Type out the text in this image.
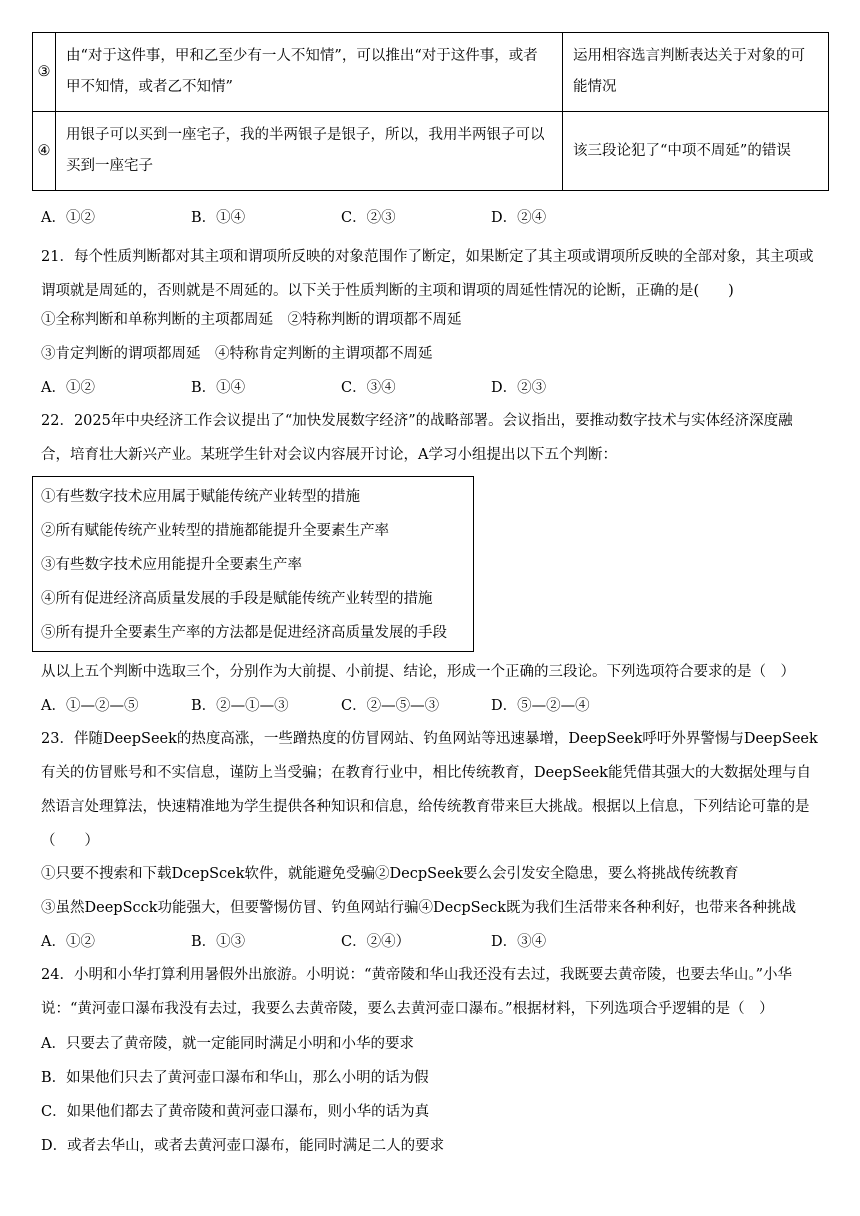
③	由“对于这件事，甲和乙至少有一人不知情”，可以推出“对于这件事，或者甲不知情，或者乙不知情”	运用相容选言判断表达关于对象的可能情况
④	用银子可以买到一座宅子，我的半两银子是银子，所以，我用半两银子可以买到一座宅子	该三段论犯了“中项不周延”的错误
A．①②	B．①④	C．②③	D．②④
21．每个性质判断都对其主项和谓项所反映的对象范围作了断定，如果断定了其主项或谓项所反映的全部对象，其主项或谓项就是周延的，否则就是不周延的。以下关于性质判断的主项和谓项的周延性情况的论断，正确的是(　　)
①全称判断和单称判断的主项都周延　②特称判断的谓项都不周延
③肯定判断的谓项都周延　④特称肯定判断的主谓项都不周延
A．①②	B．①④	C．③④	D．②③
22．2025年中央经济工作会议提出了“加快发展数字经济”的战略部署。会议指出，要推动数字技术与实体经济深度融合，培育壮大新兴产业。某班学生针对会议内容展开讨论，A学习小组提出以下五个判断：
①有些数字技术应用属于赋能传统产业转型的措施
②所有赋能传统产业转型的措施都能提升全要素生产率
③有些数字技术应用能提升全要素生产率
④所有促进经济高质量发展的手段是赋能传统产业转型的措施
⑤所有提升全要素生产率的方法都是促进经济高质量发展的手段
从以上五个判断中选取三个，分别作为大前提、小前提、结论，形成一个正确的三段论。下列选项符合要求的是（　）
A．①—②—⑤	B．②—①—③	C．②—⑤—③	D．⑤—②—④
23．伴随DeepSeek的热度高涨，一些蹭热度的仿冒网站、钓鱼网站等迅速暴增，DeepSeek呼吁外界警惕与DeepSeek有关的仿冒账号和不实信息，谨防上当受骗；在教育行业中，相比传统教育，DeepSeek能凭借其强大的大数据处理与自然语言处理算法，快速精准地为学生提供各种知识和信息，给传统教育带来巨大挑战。根据以上信息，下列结论可靠的是（　　）
①只要不搜索和下载DcepScek软件，就能避免受骗②DecpSeek要么会引发安全隐患，要么将挑战传统教育
③虽然DeepScck功能强大，但要警惕仿冒、钓鱼网站行骗④DecpSeck既为我们生活带来各种利好，也带来各种挑战
A．①②	B．①③	C．②④）	D．③④
24．小明和小华打算利用暑假外出旅游。小明说：“黄帝陵和华山我还没有去过，我既要去黄帝陵，也要去华山。”小华说：“黄河壶口瀑布我没有去过，我要么去黄帝陵，要么去黄河壶口瀑布。”根据材料，下列选项合乎逻辑的是（　）
A．只要去了黄帝陵，就一定能同时满足小明和小华的要求
B．如果他们只去了黄河壶口瀑布和华山，那么小明的话为假
C．如果他们都去了黄帝陵和黄河壶口瀑布，则小华的话为真
D．或者去华山，或者去黄河壶口瀑布，能同时满足二人的要求
